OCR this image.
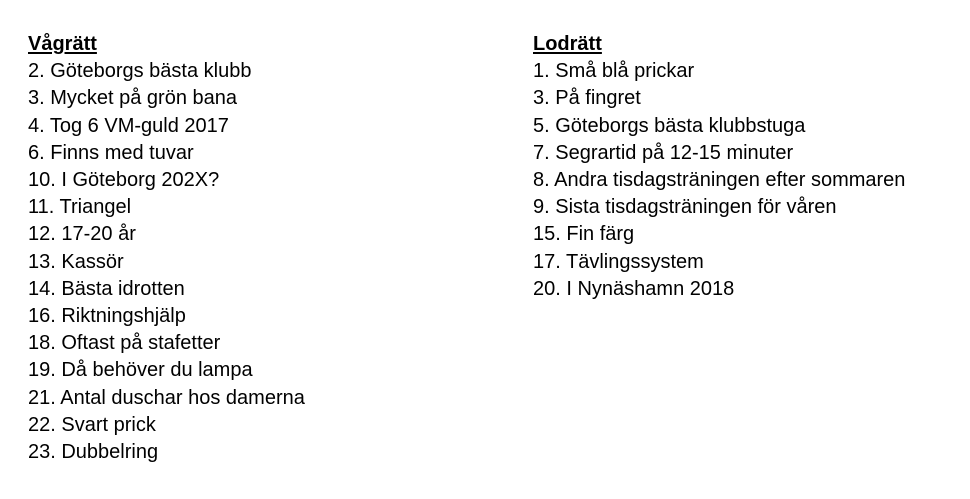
Vågrätt
2. Göteborgs bästa klubb
3. Mycket på grön bana
4. Tog 6 VM-guld 2017
6. Finns med tuvar
10. I Göteborg 202X?
11. Triangel
12. 17-20 år
13. Kassör
14. Bästa idrotten
16. Riktningshjälp
18. Oftast på stafetter
19. Då behöver du lampa
21. Antal duschar hos damerna
22. Svart prick
23. Dubbelring
Lodrätt
1. Små blå prickar
3. På fingret
5. Göteborgs bästa klubbstuga
7. Segrartid på 12-15 minuter
8. Andra tisdagsträningen efter sommaren
9. Sista tisdagsträningen för våren
15. Fin färg
17. Tävlingssystem
20. I Nynäshamn 2018
